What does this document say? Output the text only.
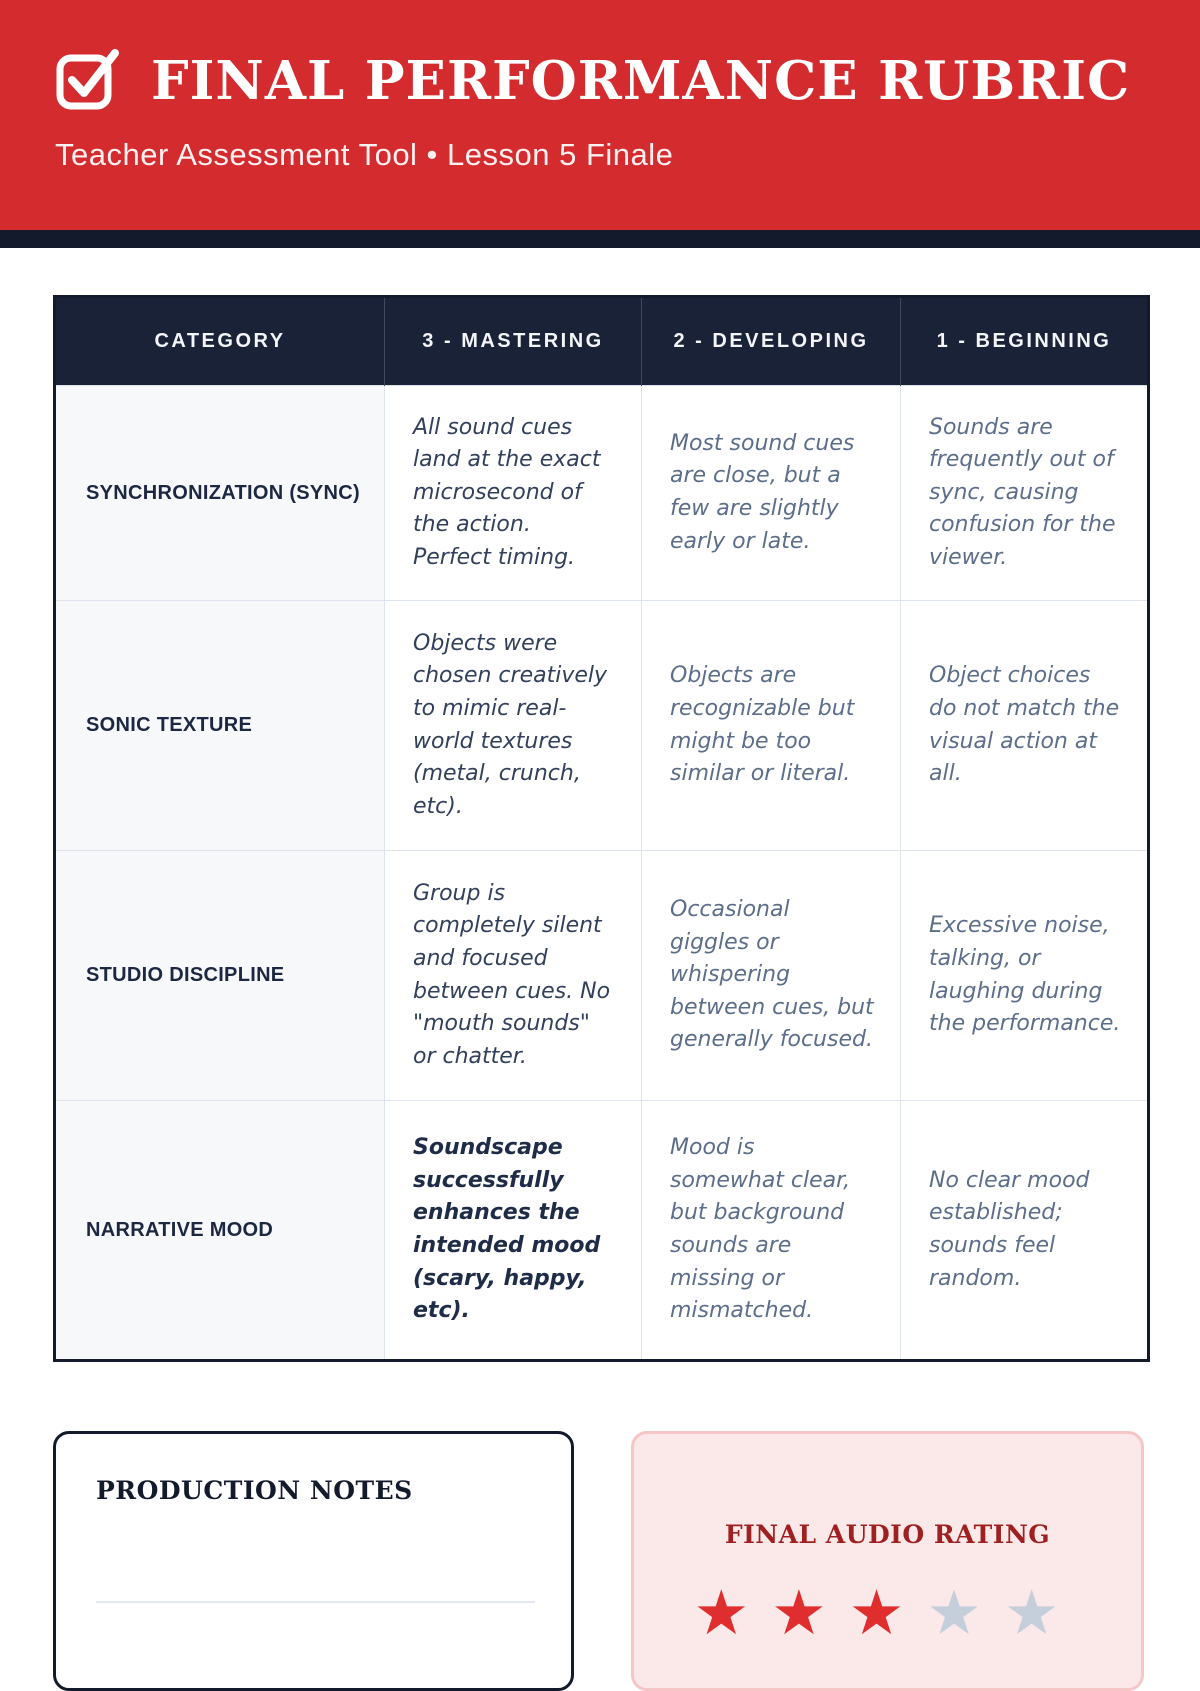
FINAL PERFORMANCE RUBRIC
Teacher Assessment Tool • Lesson 5 Finale
CATEGORY	3 - MASTERING	2 - DEVELOPING	1 - BEGINNING
SYNCHRONIZATION (SYNC)	All sound cues land at the exact microsecond of the action. Perfect timing.	Most sound cues are close, but a few are slightly early or late.	Sounds are frequently out of sync, causing confusion for the viewer.
SONIC TEXTURE	Objects were chosen creatively to mimic real-world textures (metal, crunch, etc).	Objects are recognizable but might be too similar or literal.	Object choices do not match the visual action at all.
STUDIO DISCIPLINE	Group is completely silent and focused between cues. No "mouth sounds" or chatter.	Occasional giggles or whispering between cues, but generally focused.	Excessive noise, talking, or laughing during the performance.
NARRATIVE MOOD	Soundscape successfully enhances the intended mood (scary, happy, etc).	Mood is somewhat clear, but background sounds are missing or mismatched.	No clear mood established; sounds feel random.
PRODUCTION NOTES
FINAL AUDIO RATING
★★★★★
